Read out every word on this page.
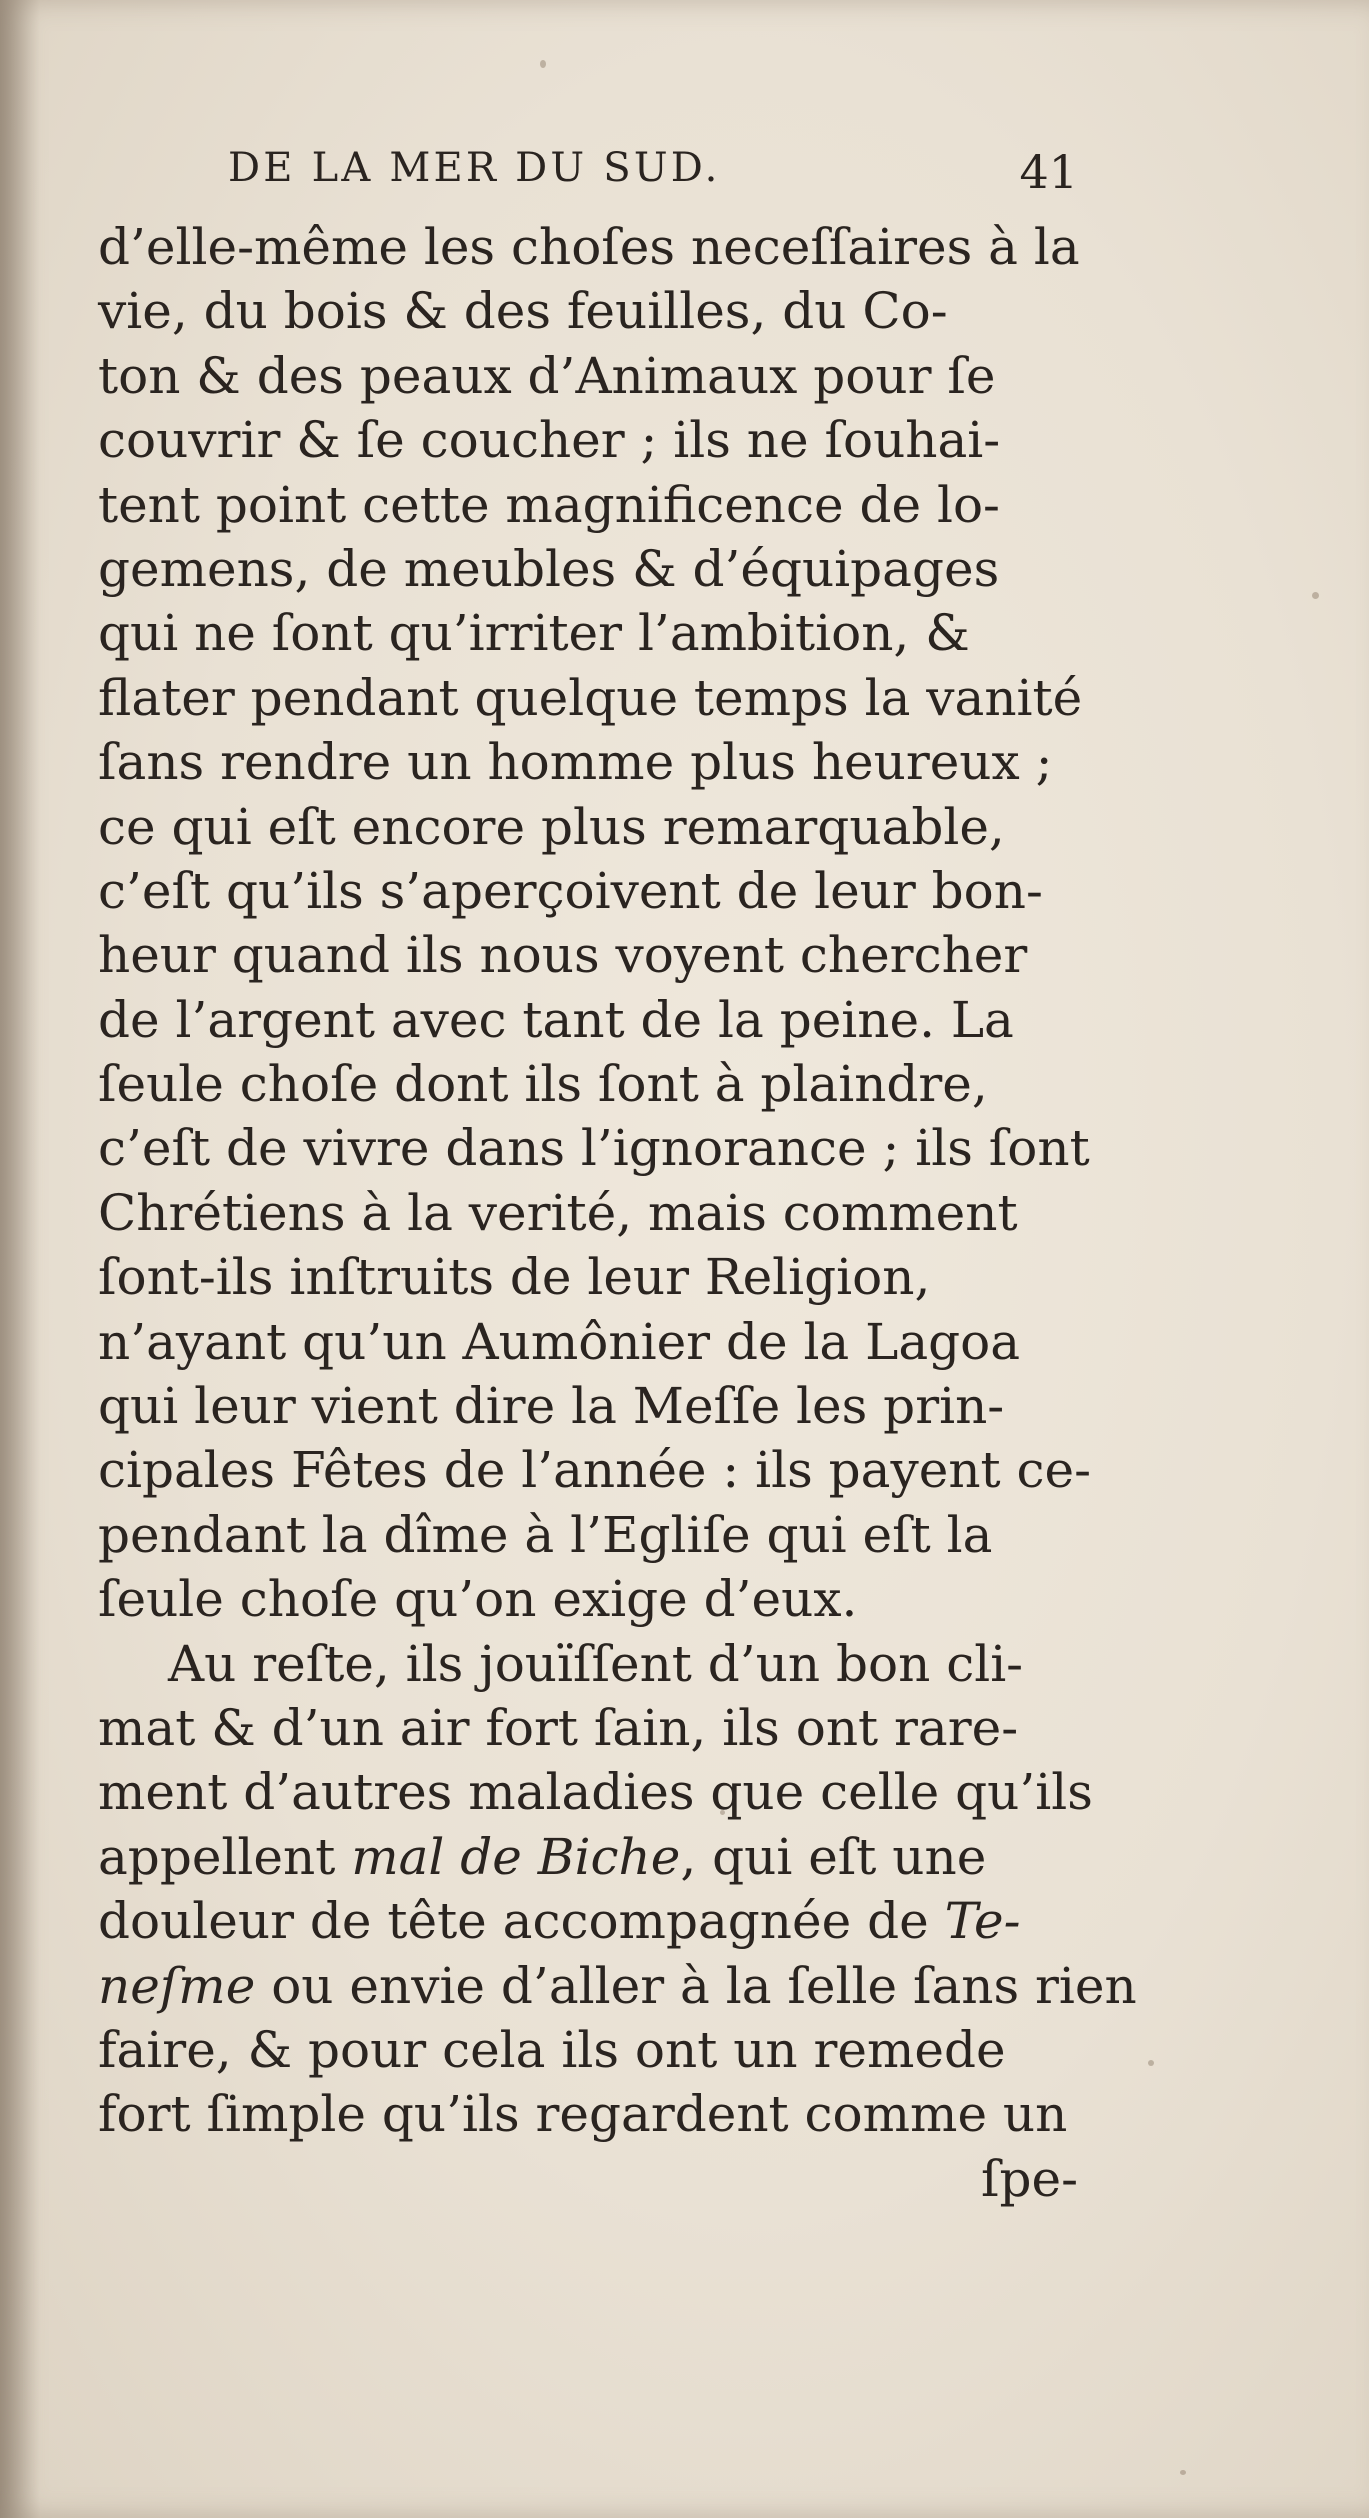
DE LA MER DU SUD.	41
d’elle-même les choſes neceſſaires à la
vie, du bois & des feuilles, du Co-
ton & des peaux d’Animaux pour ſe
couvrir & ſe coucher ; ils ne ſouhai-
tent point cette magnificence de lo-
gemens, de meubles & d’équipages
qui ne ſont qu’irriter l’ambition, &
flater pendant quelque temps la vanité
ſans rendre un homme plus heureux ;
ce qui eſt encore plus remarquable,
c’eſt qu’ils s’aperçoivent de leur bon-
heur quand ils nous voyent chercher
de l’argent avec tant de la peine. La
ſeule choſe dont ils ſont à plaindre,
c’eſt de vivre dans l’ignorance ; ils ſont
Chrétiens à la verité, mais comment
ſont-ils inſtruits de leur Religion,
n’ayant qu’un Aumônier de la Lagoa
qui leur vient dire la Meſſe les prin-
cipales Fêtes de l’année : ils payent ce-
pendant la dîme à l’Egliſe qui eſt la
ſeule choſe qu’on exige d’eux.
Au reſte, ils jouïſſent d’un bon cli-
mat & d’un air fort ſain, ils ont rare-
ment d’autres maladies que celle qu’ils
appellent mal de Biche, qui eſt une
douleur de tête accompagnée de Te-
neſme ou envie d’aller à la ſelle ſans rien
faire, & pour cela ils ont un remede
fort ſimple qu’ils regardent comme un
ſpe-
